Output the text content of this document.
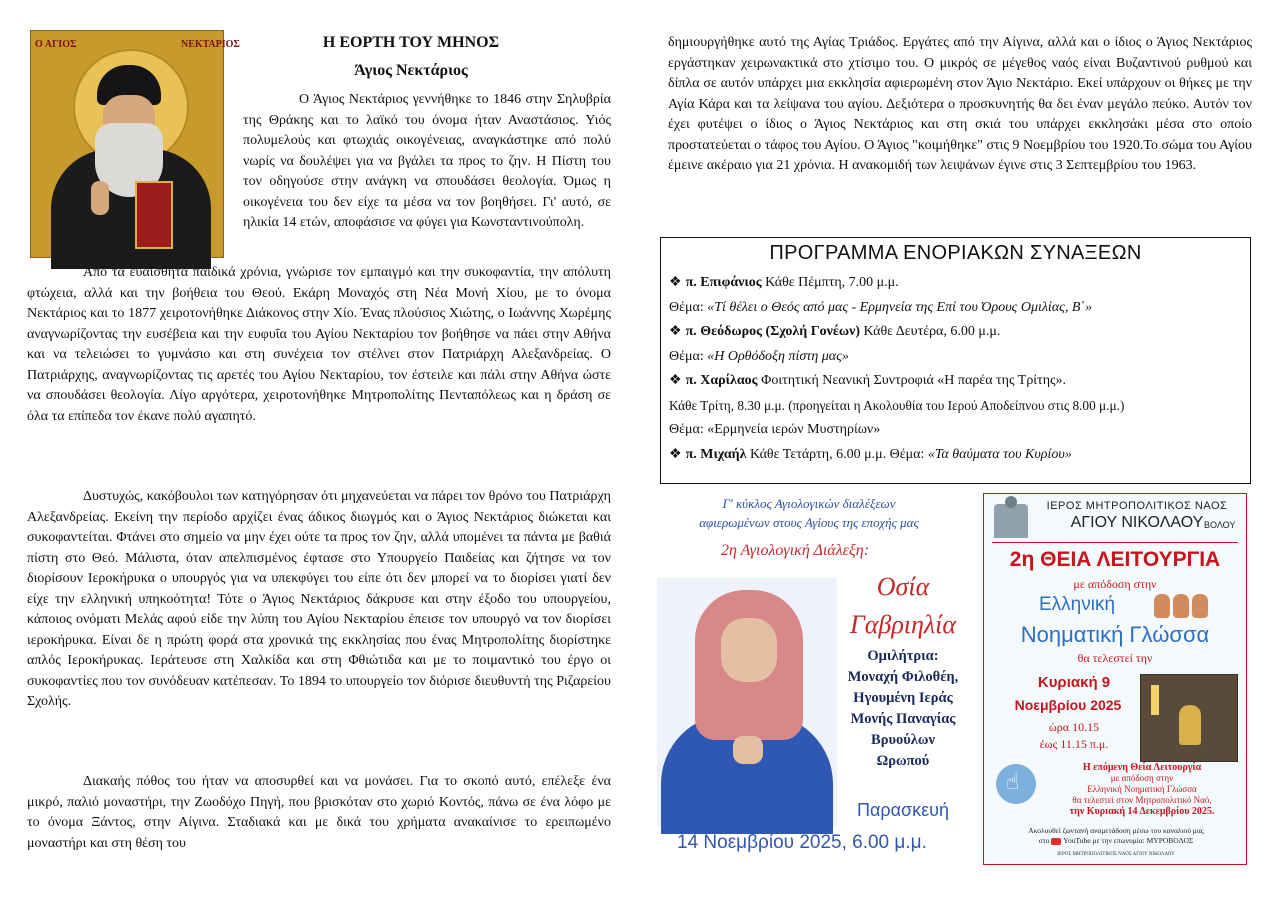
Ο ΑΓΙΟΣ	ΝΕΚΤΑΡΙΟΣ	Η ΕΟΡΤΗ ΤΟΥ ΜΗΝΟΣ
Άγιος Νεκτάριος
Ο Άγιος Νεκτάριος γεννήθηκε το 1846 στην Σηλυβρία της Θράκης και το λαϊκό του όνομα ήταν Αναστάσιος. Υιός πολυμελούς και φτωχιάς οικογένειας, αναγκάστηκε από πολύ νωρίς να δουλέψει για να βγάλει τα προς το ζην. Η Πίστη του τον οδηγούσε στην ανάγκη να σπουδάσει θεολογία. Όμως η οικογένεια του δεν είχε τα μέσα να τον βοηθήσει. Γι' αυτό, σε ηλικία 14 ετών, αποφάσισε να φύγει για Κωνσταντινούπολη.
Από τα ευαίσθητα παιδικά χρόνια, γνώρισε τον εμπαιγμό και την συκοφαντία, την απόλυτη φτώχεια, αλλά και την βοήθεια του Θεού. Εκάρη Μοναχός στη Νέα Μονή Χίου, με το όνομα Νεκτάριος και το 1877 χειροτονήθηκε Διάκονος στην Χίο. Ένας πλούσιος Χιώτης, ο Ιωάννης Χωρέμης αναγνωρίζοντας την ευσέβεια και την ευφυΐα του Αγίου Νεκταρίου τον βοήθησε να πάει στην Αθήνα και να τελειώσει το γυμνάσιο και στη συνέχεια τον στέλνει στον Πατριάρχη Αλεξανδρείας. Ο Πατριάρχης, αναγνωρίζοντας τις αρετές του Αγίου Νεκταρίου, τον έστειλε και πάλι στην Αθήνα ώστε να σπουδάσει θεολογία. Λίγο αργότερα, χειροτονήθηκε Μητροπολίτης Πενταπόλεως και η δράση σε όλα τα επίπεδα τον έκανε πολύ αγαπητό.
Δυστυχώς, κακόβουλοι των κατηγόρησαν ότι μηχανεύεται να πάρει τον θρόνο του Πατριάρχη Αλεξανδρείας. Εκείνη την περίοδο αρχίζει ένας άδικος διωγμός και ο Άγιος Νεκτάριος διώκεται και συκοφαντείται. Φτάνει στο σημείο να μην έχει ούτε τα προς τον ζην, αλλά υπομένει τα πάντα με βαθιά πίστη στο Θεό. Μάλιστα, όταν απελπισμένος έφτασε στο Υπουργείο Παιδείας και ζήτησε να τον διορίσουν Ιεροκήρυκα ο υπουργός για να υπεκφύγει του είπε ότι δεν μπορεί να το διορίσει γιατί δεν είχε την ελληνική υπηκοότητα! Τότε ο Άγιος Νεκτάριος δάκρυσε και στην έξοδο του υπουργείου, κάποιος ονόματι Μελάς αφού είδε την λύπη του Αγίου Νεκταρίου έπεισε τον υπουργό να τον διορίσει ιεροκήρυκα. Είναι δε η πρώτη φορά στα χρονικά της εκκλησίας που ένας Μητροπολίτης διορίστηκε απλός Ιεροκήρυκας. Ιεράτευσε στη Χαλκίδα και στη Φθιώτιδα και με το ποιμαντικό του έργο οι συκοφαντίες που τον συνόδευαν κατέπεσαν. Το 1894 το υπουργείο τον διόρισε διευθυντή της Ριζαρείου Σχολής.
Διακαής πόθος του ήταν να αποσυρθεί και να μονάσει. Για το σκοπό αυτό, επέλεξε ένα μικρό, παλιό μοναστήρι, την Ζωοδόχο Πηγή, που βρισκόταν στο χωριό Κοντός, πάνω σε ένα λόφο με το όνομα Ξάντος, στην Αίγινα. Σταδιακά και με δικά του χρήματα ανακαίνισε το ερειπωμένο μοναστήρι και στη θέση του
δημιουργήθηκε αυτό της Αγίας Τριάδος. Εργάτες από την Αίγινα, αλλά και ο ίδιος ο Άγιος Νεκτάριος εργάστηκαν χειρωνακτικά στο χτίσιμο του. Ο μικρός σε μέγεθος ναός είναι Βυζαντινού ρυθμού και δίπλα σε αυτόν υπάρχει μια εκκλησία αφιερωμένη στον Άγιο Νεκτάριο. Εκεί υπάρχουν οι θήκες με την Αγία Κάρα και τα λείψανα του αγίου. Δεξιότερα ο προσκυνητής θα δει έναν μεγάλο πεύκο. Αυτόν τον έχει φυτέψει ο ίδιος ο Άγιος Νεκτάριος και στη σκιά του υπάρχει εκκλησάκι μέσα στο οποίο προστατεύεται ο τάφος του Αγίου. Ο Άγιος "κοιμήθηκε" στις 9 Νοεμβρίου του 1920.Το σώμα του Αγίου έμεινε ακέραιο για 21 χρόνια. Η ανακομιδή των λειψάνων έγινε στις 3 Σεπτεμβρίου του 1963.
ΠΡΟΓΡΑΜΜΑ ΕΝΟΡΙΑΚΩΝ ΣΥΝΑΞΕΩΝ
❖ π. Επιφάνιος Κάθε Πέμπτη, 7.00 μ.μ.
Θέμα: «Τί θέλει ο Θεός από μας - Ερμηνεία της Επί του Όρους Ομιλίας, Β΄»
❖ π. Θεόδωρος (Σχολή Γονέων) Κάθε Δευτέρα, 6.00 μ.μ.
Θέμα: «Η Ορθόδοξη πίστη μας»
❖ π. Χαρίλαος Φοιτητική Νεανική Συντροφιά «Η παρέα της Τρίτης».
Κάθε Τρίτη, 8.30 μ.μ. (προηγείται η Ακολουθία του Ιερού Αποδείπνου στις 8.00 μ.μ.)
Θέμα: «Ερμηνεία ιερών Μυστηρίων»
❖ π. Μιχαήλ Κάθε Τετάρτη, 6.00 μ.μ. Θέμα: «Τα θαύματα του Κυρίου»
Γ' κύκλος Αγιολογικών διαλέξεων
αφιερωμένων στους Αγίους της εποχής μας
2η Αγιολογική Διάλεξη:
Οσία
Γαβριηλία
Ομιλήτρια:
Μοναχή Φιλοθέη,
Ηγουμένη Ιεράς
Μονής Παναγίας
Βρυούλων
Ωρωπού
Παρασκευή
14 Νοεμβρίου 2025, 6.00 μ.μ.
ΙΕΡΟΣ ΜΗΤΡΟΠΟΛΙΤΙΚΟΣ ΝΑΟΣ
ΑΓΙΟΥ ΝΙΚΟΛΑΟΥ ΒΟΛΟΥ
2η ΘΕΙΑ ΛΕΙΤΟΥΡΓΙΑ
με απόδοση στην
Ελληνική
Νοηματική Γλώσσα
θα τελεστεί την
Κυριακή 9
Νοεμβρίου 2025
ώρα 10.15
έως 11.15 π.μ.
☝
Η επόμενη Θεία Λειτουργία
με απόδοση στην
Ελληνική Νοηματική Γλώσσα
θα τελεστεί στον Μητροπολιτικό Ναό,
την Κυριακή 14 Δεκεμβρίου 2025.
Ακολουθεί ζωντανή αναμετάδοση μέσω του καναλιού μας
στο YouTube με την επωνυμία: ΜΥΡΟΒΟΛΟΣ
ΙΕΡΟΣ ΜΗΤΡΟΠΟΛΙΤΙΚΟΣ ΝΑΟΣ ΑΓΙΟΥ ΝΙΚΟΛΑΟΥ
